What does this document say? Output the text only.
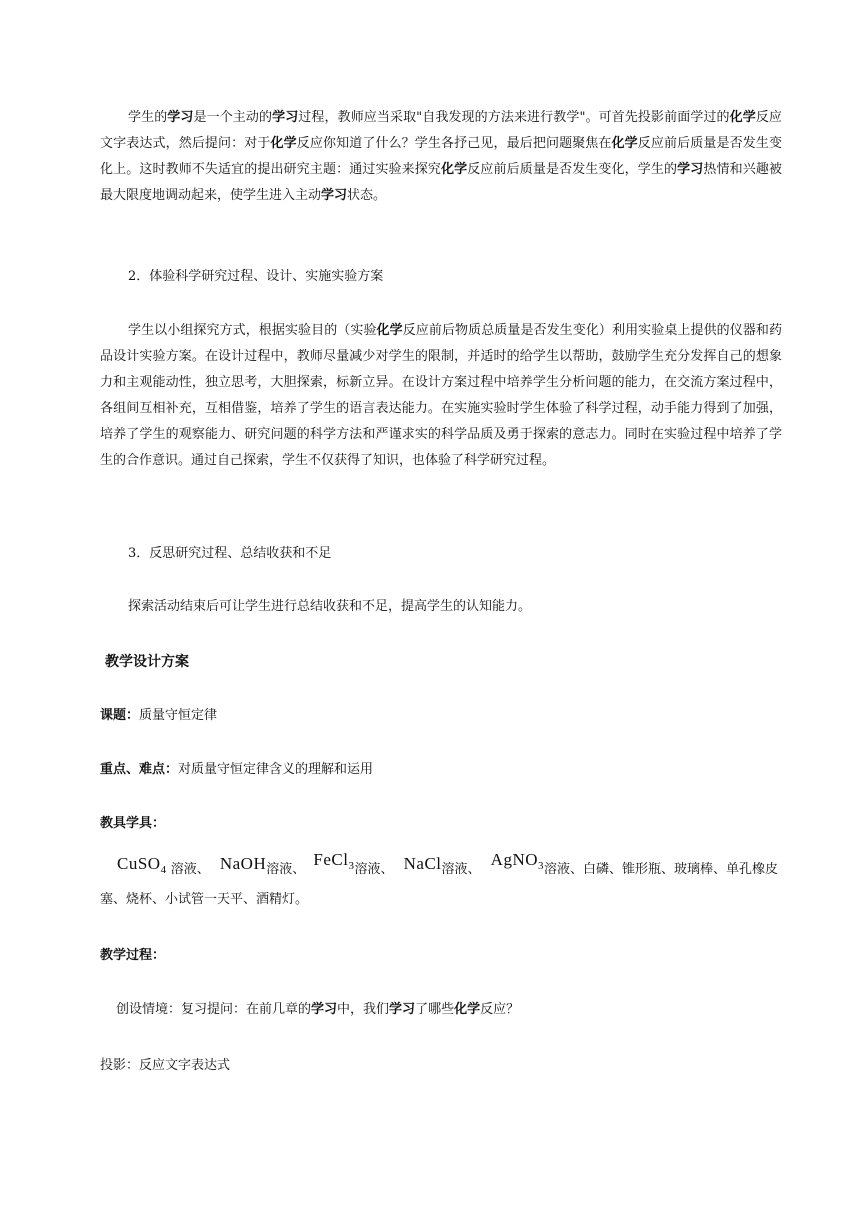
学生的学习是一个主动的学习过程，教师应当采取"自我发现的方法来进行教学"。可首先投影前面学过的化学反应文字表达式，然后提问：对于化学反应你知道了什么？学生各抒己见，最后把问题聚焦在化学反应前后质量是否发生变化上。这时教师不失适宜的提出研究主题：通过实验来探究化学反应前后质量是否发生变化，学生的学习热情和兴趣被最大限度地调动起来，使学生进入主动学习状态。

2．体验科学研究过程、设计、实施实验方案

学生以小组探究方式，根据实验目的（实验化学反应前后物质总质量是否发生变化）利用实验桌上提供的仪器和药品设计实验方案。在设计过程中，教师尽量减少对学生的限制，并适时的给学生以帮助，鼓励学生充分发挥自己的想象力和主观能动性，独立思考，大胆探索，标新立异。在设计方案过程中培养学生分析问题的能力，在交流方案过程中，各组间互相补充，互相借鉴，培养了学生的语言表达能力。在实施实验时学生体验了科学过程，动手能力得到了加强，培养了学生的观察能力、研究问题的科学方法和严谨求实的科学品质及勇于探索的意志力。同时在实验过程中培养了学生的合作意识。通过自己探索，学生不仅获得了知识，也体验了科学研究过程。

3．反思研究过程、总结收获和不足

探索活动结束后可让学生进行总结收获和不足，提高学生的认知能力。

教学设计方案

课题：质量守恒定律

重点、难点：对质量守恒定律含义的理解和运用

教具学具：

CuSO$_4$ 溶液、 NaOH溶液、 FeCl$_3$溶液、 NaCl溶液、 AgNO$_3$溶液、白磷、锥形瓶、玻璃棒、单孔橡皮

塞、烧杯、小试管一天平、酒精灯。

教学过程：

创设情境：复习提问：在前几章的学习中，我们学习了哪些化学反应？

投影：反应文字表达式
